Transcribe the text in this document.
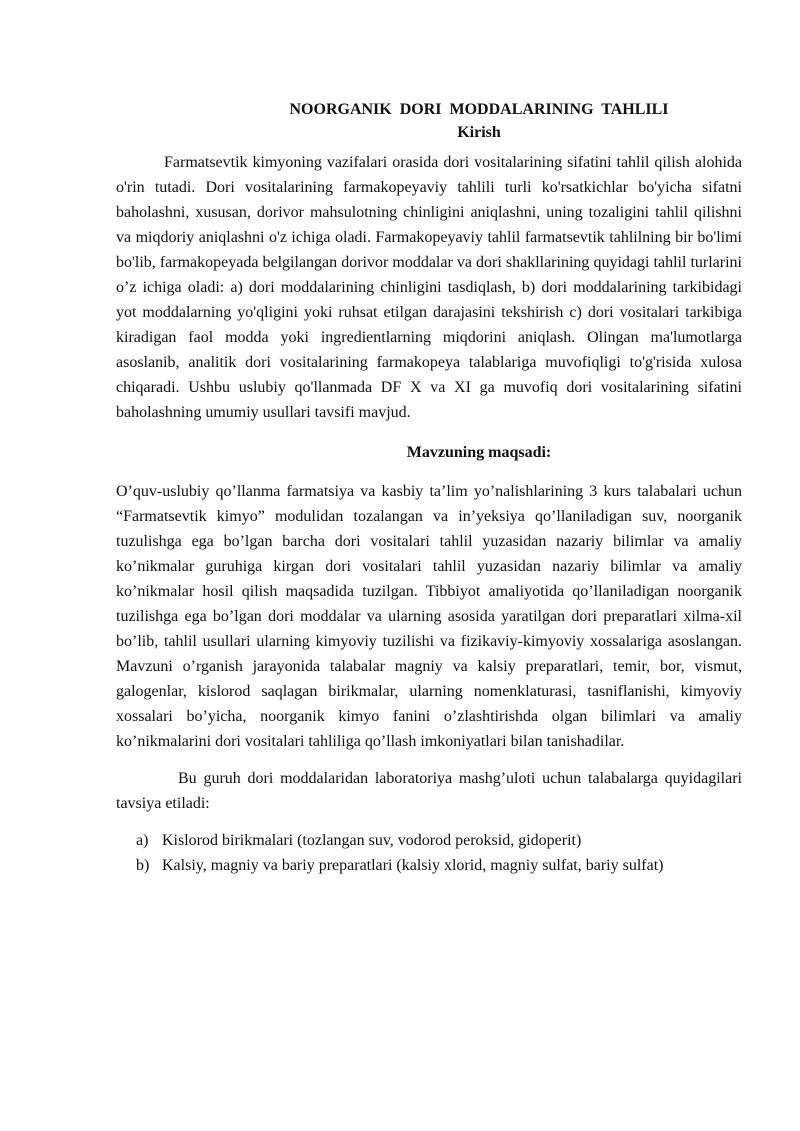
NOORGANIK  DORI  MODDALARINING  TAHLILI

Kirish

Farmatsevtik kimyoning vazifalari orasida dori vositalarining sifatini tahlil qilish alohida o'rin tutadi. Dori vositalarining farmakopeyaviy tahlili turli ko'rsatkichlar bo'yicha sifatni baholashni, xususan, dorivor mahsulotning chinligini aniqlashni, uning tozaligini tahlil qilishni va miqdoriy aniqlashni o'z ichiga oladi. Farmakopeyaviy tahlil farmatsevtik tahlilning bir bo'limi bo'lib, farmakopeyada belgilangan dorivor moddalar va dori shakllarining quyidagi tahlil turlarini o’z ichiga oladi: a) dori moddalarining chinligini tasdiqlash, b) dori moddalarining tarkibidagi yot moddalarning yo'qligini yoki ruhsat etilgan darajasini tekshirish c) dori vositalari tarkibiga kiradigan faol modda yoki ingredientlarning miqdorini aniqlash. Olingan ma'lumotlarga asoslanib, analitik dori vositalarining farmakopeya talablariga muvofiqligi to'g'risida xulosa chiqaradi. Ushbu uslubiy qo'llanmada DF X va XI ga muvofiq dori vositalarining sifatini baholashning umumiy usullari tavsifi mavjud.

Mavzuning maqsadi:

O’quv-uslubiy qo’llanma farmatsiya va kasbiy ta’lim yo’nalishlarining 3 kurs talabalari uchun “Farmatsevtik kimyo” modulidan tozalangan va in’yeksiya qo’llaniladigan suv, noorganik tuzulishga ega bo’lgan barcha dori vositalari tahlil yuzasidan nazariy bilimlar va amaliy ko’nikmalar guruhiga kirgan dori vositalari tahlil yuzasidan nazariy bilimlar va amaliy ko’nikmalar hosil qilish maqsadida tuzilgan. Tibbiyot amaliyotida qo’llaniladigan noorganik tuzilishga ega bo’lgan dori moddalar va ularning asosida yaratilgan dori preparatlari xilma-xil bo’lib, tahlil usullari ularning kimyoviy tuzilishi va fizikaviy-kimyoviy xossalariga asoslangan. Mavzuni o’rganish jarayonida talabalar magniy va kalsiy preparatlari, temir, bor, vismut, galogenlar, kislorod saqlagan birikmalar, ularning nomenklaturasi, tasniflanishi, kimyoviy xossalari bo’yicha, noorganik kimyo fanini o’zlashtirishda olgan bilimlari va amaliy ko’nikmalarini dori vositalari tahliliga qo’llash imkoniyatlari bilan tanishadilar.

Bu guruh dori moddalaridan laboratoriya mashg’uloti uchun talabalarga quyidagilari tavsiya etiladi:

a) Kislorod birikmalari (tozlangan suv, vodorod peroksid, gidoperit)
b) Kalsiy, magniy va bariy preparatlari (kalsiy xlorid, magniy sulfat, bariy sulfat)
